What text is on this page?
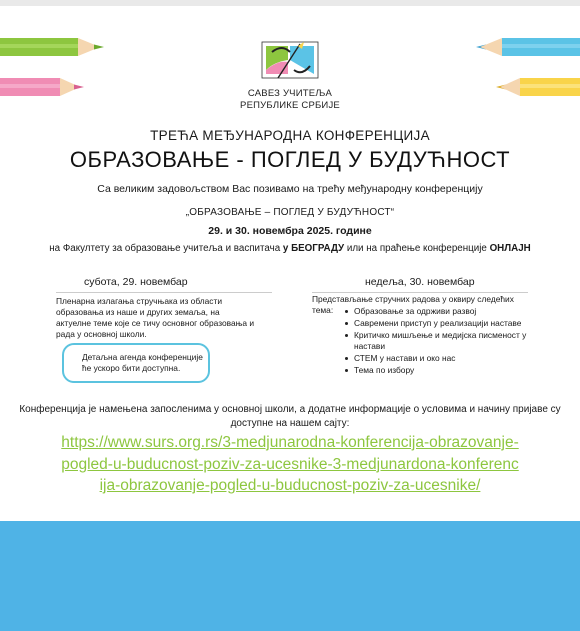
САВЕЗ УЧИТЕЉА
РЕПУБЛИКЕ СРБИЈЕ
ТРЕЋА МЕЂУНАРОДНА КОНФЕРЕНЦИЈА
ОБРАЗОВАЊЕ - ПОГЛЕД У БУДУЋНОСТ
Са великим задовољством Вас позивамо на трећу међународну конференцију
„ОБРАЗОВАЊЕ – ПОГЛЕД У БУДУЋНОСТ“
29. и 30. новембра 2025. године
на Факултету за образовање учитеља и васпитача у БЕОГРАДУ или на праћење конференције ОНЛАЈН
субота, 29. новембар
Пленарна излагања стручњака из области образовања из наше и других земаља, на актуелне теме које се тичу основног образовања и рада у основној школи.
Детаљна агенда конференције
ће ускоро бити доступна.
недеља, 30. новембар
Представљање стручних радова у оквиру следећих тема:	Образовање за одрживи развој
Савремени приступ у реализацији наставе
Критичко мишљење и медијска писменост у настави
СТЕМ у настави и око нас
Тема по избору
Конференција је намењена запосленима у основној школи, а додатне информације о условима и начину пријаве су доступне на нашем сајту:
https://www.surs.org.rs/3-medjunarodna-konferencija-obrazovanje-pogled-u-buducnost-poziv-za-ucesnike-3-medjunardona-konferencija-obrazovanje-pogled-u-buducnost-poziv-za-ucesnike/
